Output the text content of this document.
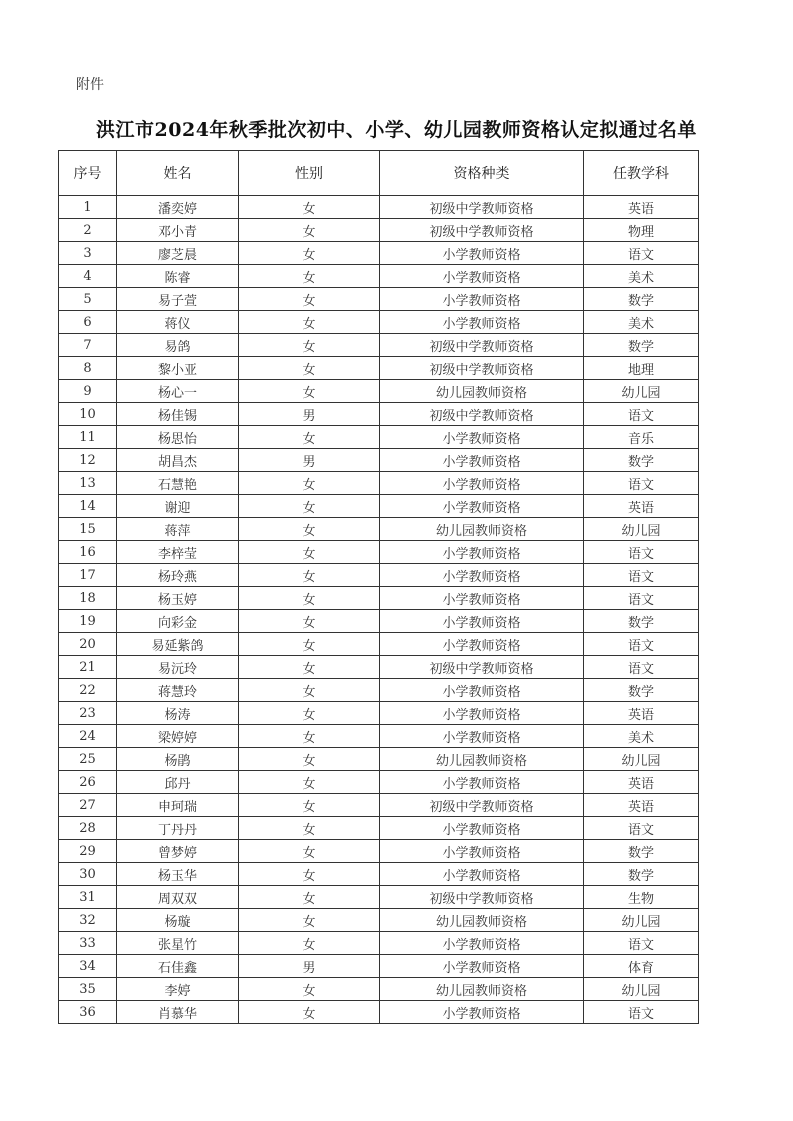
附件
洪江市2024年秋季批次初中、小学、幼儿园教师资格认定拟通过名单
序号	姓名	性别	资格种类	任教学科
1	潘奕婷	女	初级中学教师资格	英语
2	邓小青	女	初级中学教师资格	物理
3	廖芝晨	女	小学教师资格	语文
4	陈睿	女	小学教师资格	美术
5	易子萱	女	小学教师资格	数学
6	蒋仪	女	小学教师资格	美术
7	易鸽	女	初级中学教师资格	数学
8	黎小亚	女	初级中学教师资格	地理
9	杨心一	女	幼儿园教师资格	幼儿园
10	杨佳锡	男	初级中学教师资格	语文
11	杨思怡	女	小学教师资格	音乐
12	胡昌杰	男	小学教师资格	数学
13	石慧艳	女	小学教师资格	语文
14	谢迎	女	小学教师资格	英语
15	蒋萍	女	幼儿园教师资格	幼儿园
16	李梓莹	女	小学教师资格	语文
17	杨玲燕	女	小学教师资格	语文
18	杨玉婷	女	小学教师资格	语文
19	向彩金	女	小学教师资格	数学
20	易延紫鸽	女	小学教师资格	语文
21	易沅玲	女	初级中学教师资格	语文
22	蒋慧玲	女	小学教师资格	数学
23	杨涛	女	小学教师资格	英语
24	梁婷婷	女	小学教师资格	美术
25	杨鹃	女	幼儿园教师资格	幼儿园
26	邱丹	女	小学教师资格	英语
27	申珂瑞	女	初级中学教师资格	英语
28	丁丹丹	女	小学教师资格	语文
29	曾梦婷	女	小学教师资格	数学
30	杨玉华	女	小学教师资格	数学
31	周双双	女	初级中学教师资格	生物
32	杨璇	女	幼儿园教师资格	幼儿园
33	张星竹	女	小学教师资格	语文
34	石佳鑫	男	小学教师资格	体育
35	李婷	女	幼儿园教师资格	幼儿园
36	肖慕华	女	小学教师资格	语文
